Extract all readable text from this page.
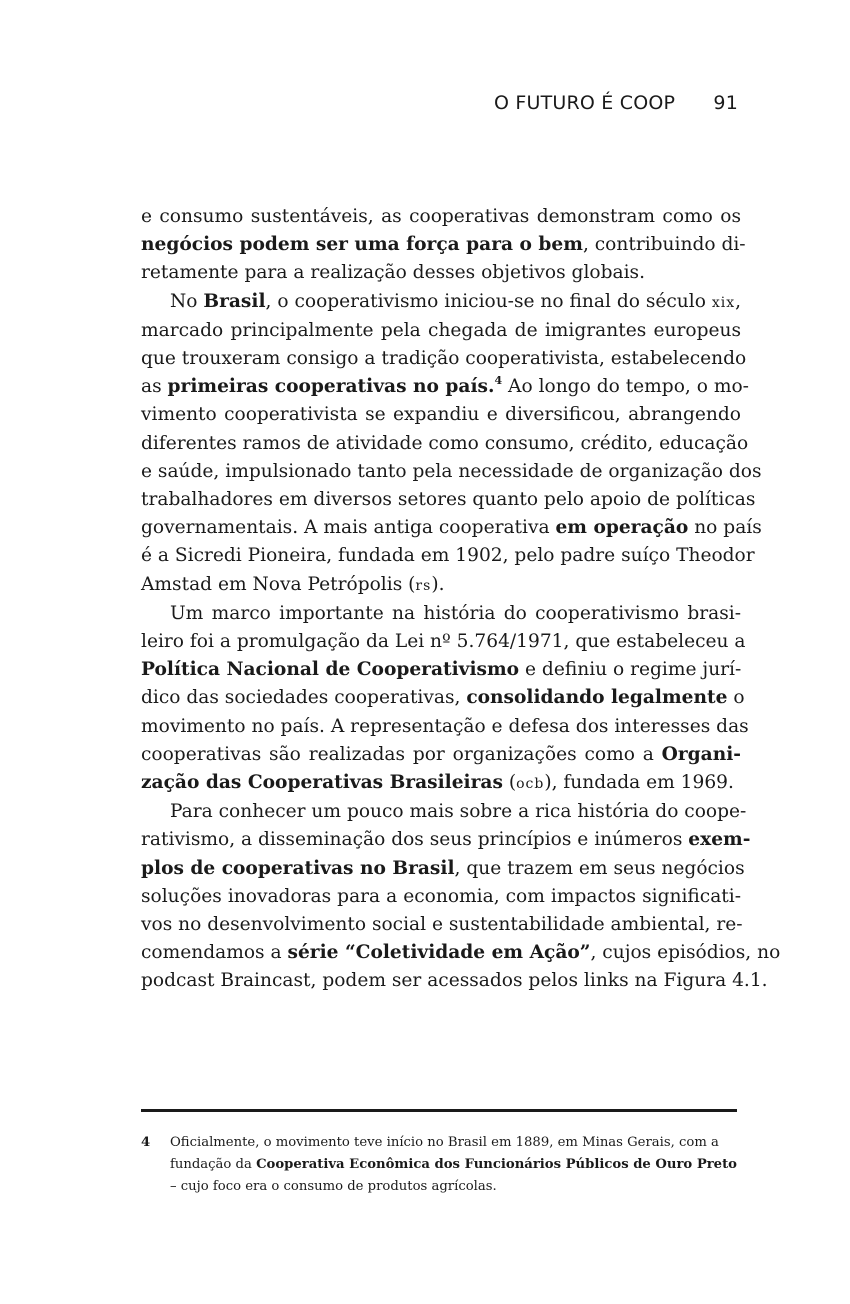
O FUTURO É COOP 91
e consumo sustentáveis, as cooperativas demonstram como os
negócios podem ser uma força para o bem, contribuindo di-
retamente para a realização desses objetivos globais.
No Brasil, o cooperativismo iniciou-se no final do século xix,
marcado principalmente pela chegada de imigrantes europeus
que trouxeram consigo a tradição cooperativista, estabelecendo
as primeiras cooperativas no país.$^4$ Ao longo do tempo, o mo-
vimento cooperativista se expandiu e diversificou, abrangendo
diferentes ramos de atividade como consumo, crédito, educação
e saúde, impulsionado tanto pela necessidade de organização dos
trabalhadores em diversos setores quanto pelo apoio de políticas
governamentais. A mais antiga cooperativa em operação no país
é a Sicredi Pioneira, fundada em 1902, pelo padre suíço Theodor
Amstad em Nova Petrópolis (rs).
Um marco importante na história do cooperativismo brasi-
leiro foi a promulgação da Lei nº 5.764/1971, que estabeleceu a
Política Nacional de Cooperativismo e definiu o regime jurí-
dico das sociedades cooperativas, consolidando legalmente o
movimento no país. A representação e defesa dos interesses das
cooperativas são realizadas por organizações como a Organi-
zação das Cooperativas Brasileiras (ocb), fundada em 1969.
Para conhecer um pouco mais sobre a rica história do coope-
rativismo, a disseminação dos seus princípios e inúmeros exem-
plos de cooperativas no Brasil, que trazem em seus negócios
soluções inovadoras para a economia, com impactos significati-
vos no desenvolvimento social e sustentabilidade ambiental, re-
comendamos a série “Coletividade em Ação”, cujos episódios, no
podcast Braincast, podem ser acessados pelos links na Figura 4.1.
4 Oficialmente, o movimento teve início no Brasil em 1889, em Minas Gerais, com a
fundação da Cooperativa Econômica dos Funcionários Públicos de Ouro Preto
– cujo foco era o consumo de produtos agrícolas.
